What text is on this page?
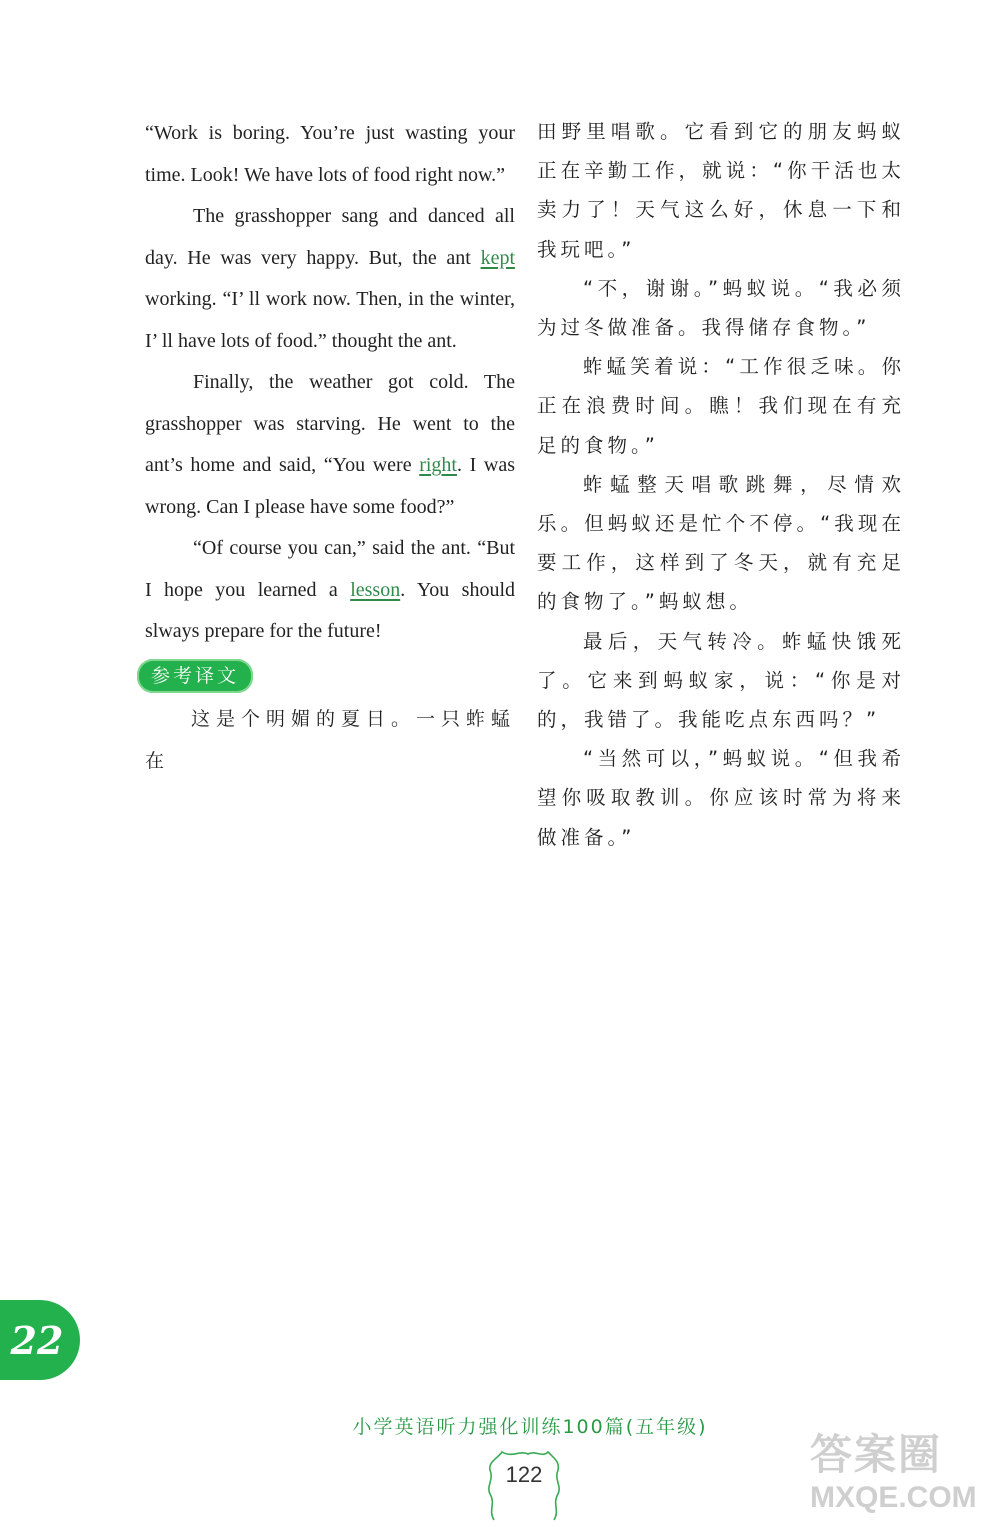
“Work is boring. You’re just wasting your time. Look! We have lots of food right now.”

The grasshopper sang and danced all day. He was very happy. But, the ant kept working. “I’ ll work now. Then, in the winter, I’ ll have lots of food.” thought the ant.

Finally, the weather got cold. The grasshopper was starving. He went to the ant’s home and said, “You were right. I was wrong. Can I please have some food?”

“Of course you can,” said the ant. “But I hope you learned a lesson. You should slways prepare for the future!

参考译文
这是个明媚的夏日。一只蚱蜢在

田野里唱歌。它看到它的朋友蚂蚁正在辛勤工作，就说：“你干活也太卖力了！天气这么好，休息一下和我玩吧。”

“不，谢谢。”蚂蚁说。“我必须为过冬做准备。我得储存食物。”

蚱蜢笑着说：“工作很乏味。你正在浪费时间。瞧！我们现在有充足的食物。”

蚱蜢整天唱歌跳舞，尽情欢乐。但蚂蚁还是忙个不停。“我现在要工作，这样到了冬天，就有充足的食物了。”蚂蚁想。

最后，天气转冷。蚱蜢快饿死了。它来到蚂蚁家，说：“你是对的，我错了。我能吃点东西吗？”

“当然可以，”蚂蚁说。“但我希望你吸取教训。你应该时常为将来做准备。”

22
小学英语听力强化训练100篇(五年级)
122	答案圈
MXQE.COM
